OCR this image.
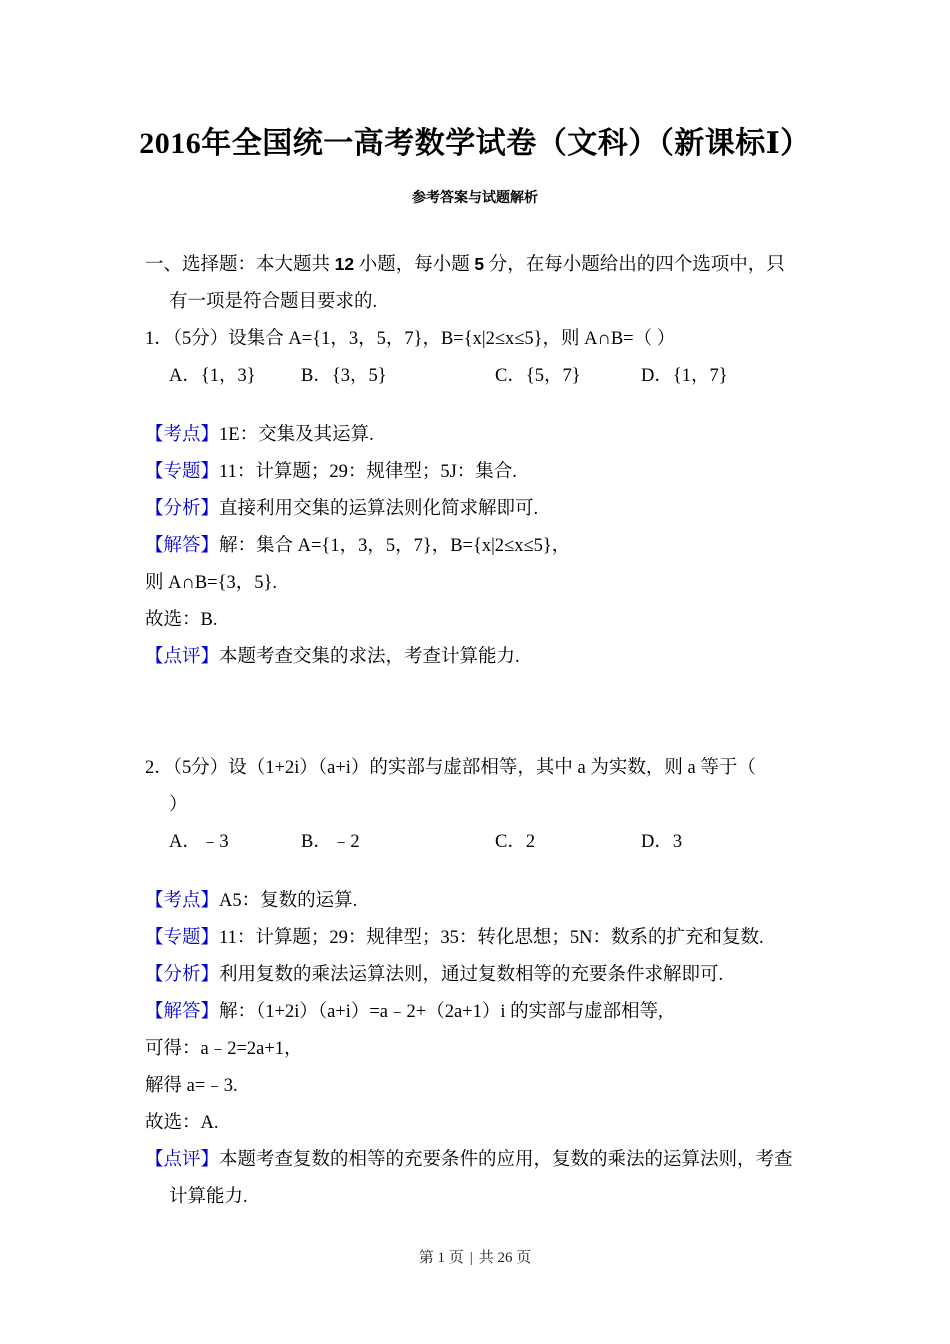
2016年全国统一高考数学试卷（文科）（新课标Ⅰ）
参考答案与试题解析
一、选择题：本大题共 12 小题，每小题 5 分，在每小题给出的四个选项中，只
有一项是符合题目要求的.
1．（5分）设集合 A={1，3，5，7}，B={x|2≤x≤5}，则 A∩B=（ ）
A．{1，3} B．{3，5}	C．{5，7}	D．{1，7}
【考点】1E：交集及其运算.
【专题】11：计算题；29：规律型；5J：集合.
【分析】直接利用交集的运算法则化简求解即可.
【解答】解：集合 A={1，3，5，7}，B={x|2≤x≤5}，
则 A∩B={3，5}.
故选：B.
【点评】本题考查交集的求法，考查计算能力.
2．（5分）设（1+2i）（a+i）的实部与虚部相等，其中 a 为实数，则 a 等于（
）
A．﹣3	B．﹣2	C．2	D．3
【考点】A5：复数的运算.
【专题】11：计算题；29：规律型；35：转化思想；5N：数系的扩充和复数.
【分析】利用复数的乘法运算法则，通过复数相等的充要条件求解即可.
【解答】解：（1+2i）（a+i）=a﹣2+（2a+1）i 的实部与虚部相等,
可得：a﹣2=2a+1，
解得 a=﹣3.
故选：A.
【点评】本题考查复数的相等的充要条件的应用，复数的乘法的运算法则，考查计算能力.
第 1 页 | 共 26 页
